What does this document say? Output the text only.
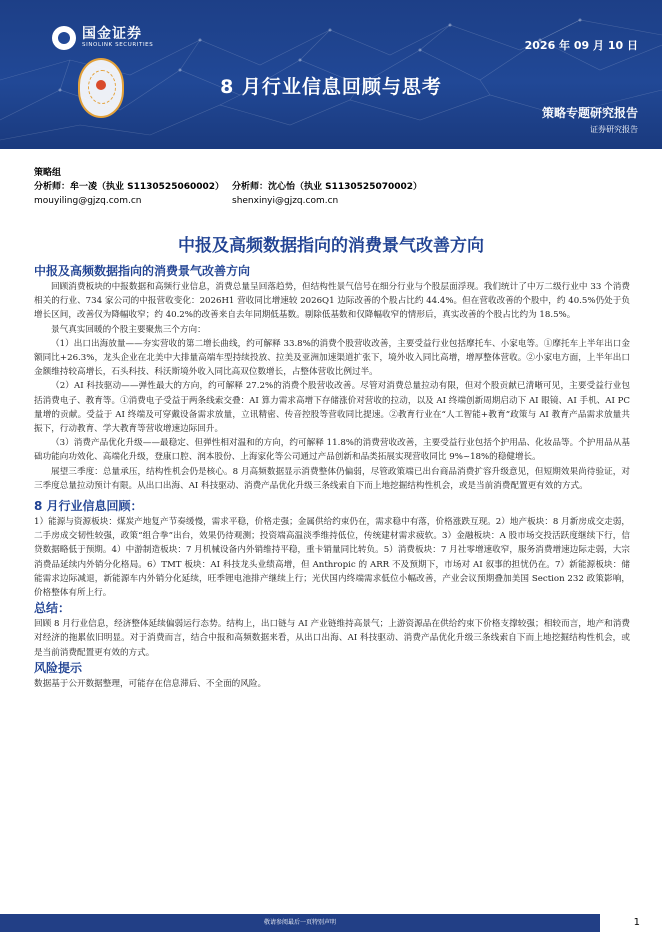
国金证券
SINOLINK SECURITIES	2026 年 09 月 10 日
8 月行业信息回顾与思考
策略专题研究报告
证券研究报告
策略组
分析师：牟一凌（执业 S1130525060002） 分析师：沈心怡（执业 S1130525070002）
mouyiling@gjzq.com.cn	shenxinyi@gjzq.com.cn
中报及高频数据指向的消费景气改善方向
中报及高频数据指向的消费景气改善方向

回顾消费板块的中报数据和高频行业信息，消费总量呈回落趋势，但结构性景气信号在细分行业与个股层面浮现。我们统计了中万二级行业中 33 个消费相关的行业、734 家公司的中报营收变化：2026H1 营收同比增速较 2026Q1 边际改善的个股占比约 44.4%。但在营收改善的个股中，约 40.5%仍处于负增长区间，改善仅为降幅收窄；约 40.2%的改善来自去年同期低基数。剔除低基数和仅降幅收窄的情形后，真实改善的个股占比约为 18.5%。

景气真实回暖的个股主要聚焦三个方向：

（1）出口出海放量——夯实营收的第二增长曲线，约可解释 33.8%的消费个股营收改善，主要受益行业包括摩托车、小家电等。①摩托车上半年出口金额同比+26.3%，龙头企业在北美中大排量高端车型持续投放、拉美及亚洲加速渠道扩张下，境外收入同比高增，增厚整体营收。②小家电方面，上半年出口金额维持较高增长，石头科技、科沃斯境外收入同比高双位数增长，占整体营收比例过半。

（2）AI 科技驱动——弹性最大的方向，约可解释 27.2%的消费个股营收改善。尽管对消费总量拉动有限，但对个股贡献已清晰可见，主要受益行业包括消费电子、教育等。①消费电子受益于两条线索交叠：AI 算力需求高增下存储涨价对营收的拉动，以及 AI 终端创新周期启动下 AI 眼镜、AI 手机、AI PC 量增的贡献。受益于 AI 终端及可穿戴设备需求放量，立讯精密、传音控股等营收同比提速。②教育行业在“人工智能+教育”政策与 AI 教育产品需求放量共振下，行动教育、学大教育等营收增速边际回升。

（3）消费产品优化升级——最稳定、但弹性相对温和的方向，约可解释 11.8%的消费营收改善，主要受益行业包括个护用品、化妆品等。个护用品从基础功能向功效化、高端化升级，登康口腔、润本股份、上海家化等公司通过产品创新和品类拓展实现营收同比 9%~18%的稳健增长。

展望三季度：总量承压，结构性机会仍是核心。8 月高频数据显示消费整体仍偏弱，尽管政策端已出台商品消费扩容升级意见，但短期效果尚待验证，对三季度总量拉动预计有限。从出口出海、AI 科技驱动、消费产品优化升级三条线索自下而上地挖掘结构性机会，或是当前消费配置更有效的方式。

8 月行业信息回顾：

1）能源与资源板块：煤炭产地复产节奏缓慢，需求平稳，价格走强；金属供给约束仍在，需求稳中有落，价格涨跌互现。2）地产板块：8 月新房成交走弱，二手房成交韧性较强，政策“组合拳”出台，效果仍待观测；投资端高温淡季维持低位，传统建材需求疲软。3）金融板块：A 股市场交投活跃度继续下行，信贷数据略低于预期。4）中游制造板块：7 月机械设备内外销维持平稳，重卡销量同比转负。5）消费板块：7 月社零增速收窄，服务消费增速边际走弱，大宗消费品延续内外销分化格局。6）TMT 板块：AI 科技龙头业绩高增，但 Anthropic 的 ARR 不及预期下，市场对 AI 叙事的担忧仍在。7）新能源板块：储能需求边际减退，新能源车内外销分化延续，旺季锂电池排产继续上行；光伏国内终端需求低位小幅改善，产业会议预期叠加美国 Section 232 政策影响，价格整体有所上行。

总结：

回顾 8 月行业信息，经济整体延续偏弱运行态势。结构上，出口链与 AI 产业链维持高景气；上游资源品在供给约束下价格支撑较强；相较而言，地产和消费对经济的拖累依旧明显。对于消费而言，结合中报和高频数据来看，从出口出海、AI 科技驱动、消费产品优化升级三条线索自下而上地挖掘结构性机会，或是当前消费配置更有效的方式。

风险提示

数据基于公开数据整理，可能存在信息滞后、不全面的风险。

敬请参阅最后一页特别声明	1
